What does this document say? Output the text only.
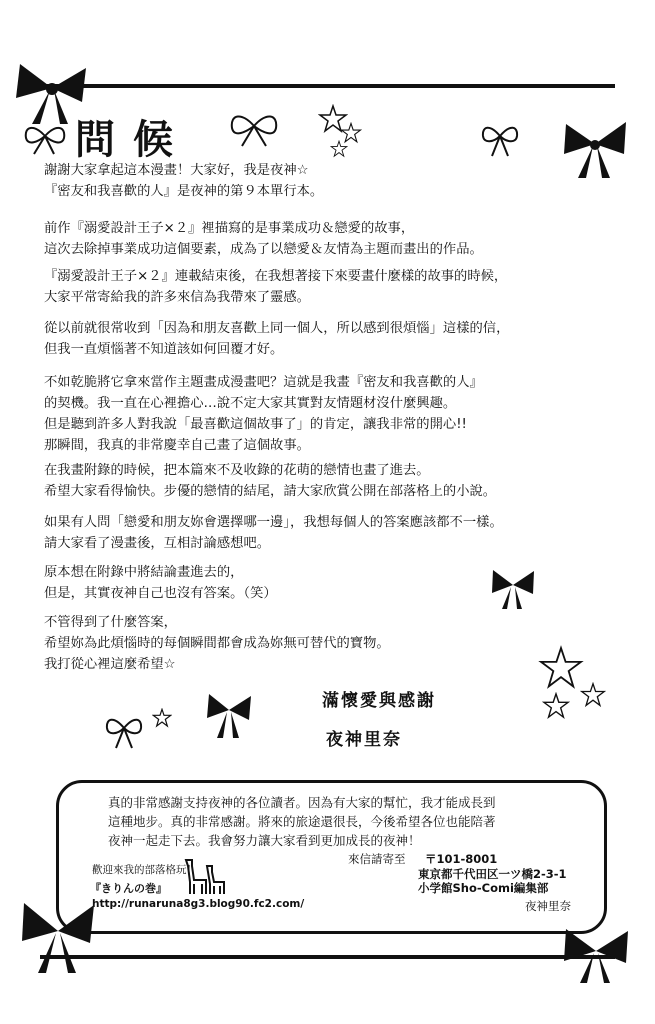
問候
謝謝大家拿起這本漫畫！大家好，我是夜神☆
『密友和我喜歡的人』是夜神的第９本單行本。
前作『溺愛設計王子×２』裡描寫的是事業成功＆戀愛的故事，
這次去除掉事業成功這個要素，成為了以戀愛＆友情為主題而畫出的作品。
『溺愛設計王子×２』連載結束後，在我想著接下來要畫什麼樣的故事的時候，
大家平常寄給我的許多來信為我帶來了靈感。
從以前就很常收到「因為和朋友喜歡上同一個人，所以感到很煩惱」這樣的信，
但我一直煩惱著不知道該如何回覆才好。
不如乾脆將它拿來當作主題畫成漫畫吧？這就是我畫『密友和我喜歡的人』
的契機。我一直在心裡擔心…說不定大家其實對友情題材沒什麼興趣。
但是聽到許多人對我說「最喜歡這個故事了」的肯定，讓我非常的開心!!
那瞬間，我真的非常慶幸自己畫了這個故事。
在我畫附錄的時候，把本篇來不及收錄的花萌的戀情也畫了進去。
希望大家看得愉快。步優的戀情的結尾，請大家欣賞公開在部落格上的小說。
如果有人問「戀愛和朋友妳會選擇哪一邊」，我想每個人的答案應該都不一樣。
請大家看了漫畫後，互相討論感想吧。
原本想在附錄中將結論畫進去的，
但是，其實夜神自己也沒有答案。（笑）
不管得到了什麼答案，
希望妳為此煩惱時的每個瞬間都會成為妳無可替代的寶物。
我打從心裡這麼希望☆
滿懷愛與感謝
夜神里奈
真的非常感謝支持夜神的各位讀者。因為有大家的幫忙，我才能成長到
這種地步。真的非常感謝。將來的旅途還很長，今後希望各位也能陪著
夜神一起走下去。我會努力讓大家看到更加成長的夜神！
來信請寄至 〒101-8001
東京都千代田区一ツ橋2-3-1
小学館Sho-Comi編集部
夜神里奈
歡迎來我的部落格玩！
『きりんの巻』
http://runaruna8g3.blog90.fc2.com/
